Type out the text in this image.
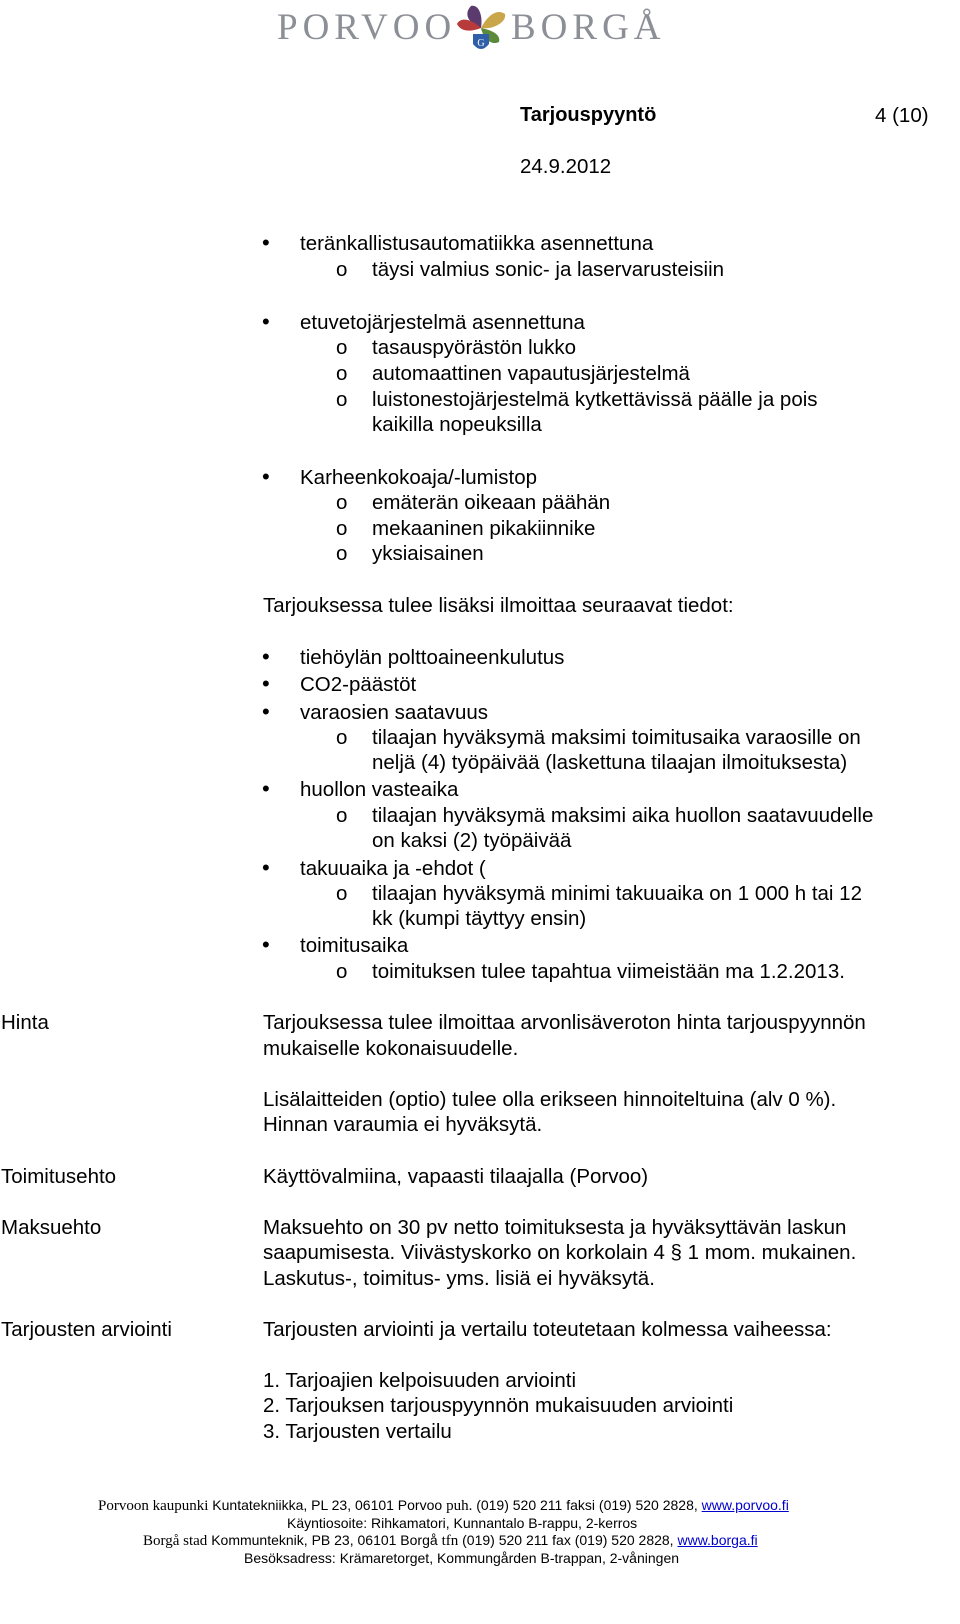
PORVOO G BORGÅ
Tarjouspyyntö	4 (10)
24.9.2012
• teränkallistusautomatiikka asennettuna
o täysi valmius sonic- ja laservarusteisiin
• etuvetojärjestelmä asennettuna
o tasauspyörästön lukko
o automaattinen vapautusjärjestelmä
o luistonestojärjestelmä kytkettävissä päälle ja pois
kaikilla nopeuksilla
• Karheenkokoaja/-lumistop
o emäterän oikeaan päähän
o mekaaninen pikakiinnike
o yksiaisainen
Tarjouksessa tulee lisäksi ilmoittaa seuraavat tiedot:
• tiehöylän polttoaineenkulutus
• CO2-päästöt
• varaosien saatavuus
o tilaajan hyväksymä maksimi toimitusaika varaosille on
neljä (4) työpäivää (laskettuna tilaajan ilmoituksesta)
• huollon vasteaika
o tilaajan hyväksymä maksimi aika huollon saatavuudelle
on kaksi (2) työpäivää
• takuuaika ja -ehdot (
o tilaajan hyväksymä minimi takuuaika on 1 000 h tai 12
kk (kumpi täyttyy ensin)
• toimitusaika
o toimituksen tulee tapahtua viimeistään ma 1.2.2013.
Hinta	Tarjouksessa tulee ilmoittaa arvonlisäveroton hinta tarjouspyynnön
mukaiselle kokonaisuudelle.
Lisälaitteiden (optio) tulee olla erikseen hinnoiteltuina (alv 0 %).
Hinnan varaumia ei hyväksytä.
Toimitusehto	Käyttövalmiina, vapaasti tilaajalla (Porvoo)
Maksuehto	Maksuehto on 30 pv netto toimituksesta ja hyväksyttävän laskun
saapumisesta. Viivästyskorko on korkolain 4 § 1 mom. mukainen.
Laskutus-, toimitus- yms. lisiä ei hyväksytä.
Tarjousten arviointi	Tarjousten arviointi ja vertailu toteutetaan kolmessa vaiheessa:
1. Tarjoajien kelpoisuuden arviointi
2. Tarjouksen tarjouspyynnön mukaisuuden arviointi
3. Tarjousten vertailu
Porvoon kaupunki Kuntatekniikka, PL 23, 06101 Porvoo puh. (019) 520 211 faksi (019) 520 2828, www.porvoo.fi
Käyntiosoite: Rihkamatori, Kunnantalo B-rappu, 2-kerros
Borgå stad Kommunteknik, PB 23, 06101 Borgå tfn (019) 520 211 fax (019) 520 2828, www.borga.fi
Besöksadress: Krämaretorget, Kommungården B-trappan, 2-våningen
